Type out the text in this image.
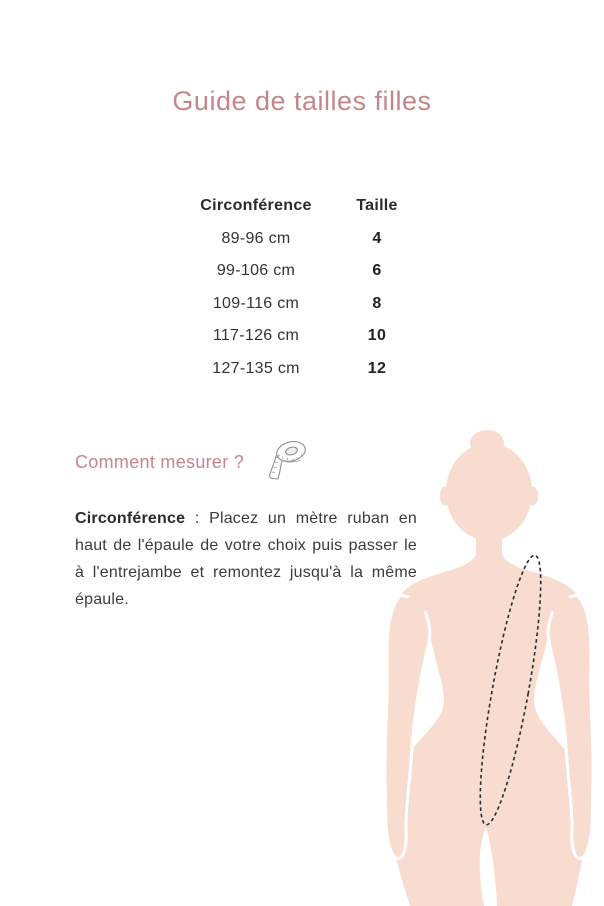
Guide de tailles filles
Circonférence	Taille
89-96 cm	4
99-106 cm	6
109-116 cm	8
117-126 cm	10
127-135 cm	12
Comment mesurer ?

Circonférence : Placez un mètre ruban en haut de l'épaule de votre choix puis passer le à l'entrejambe et remontez jusqu'à la même épaule.
